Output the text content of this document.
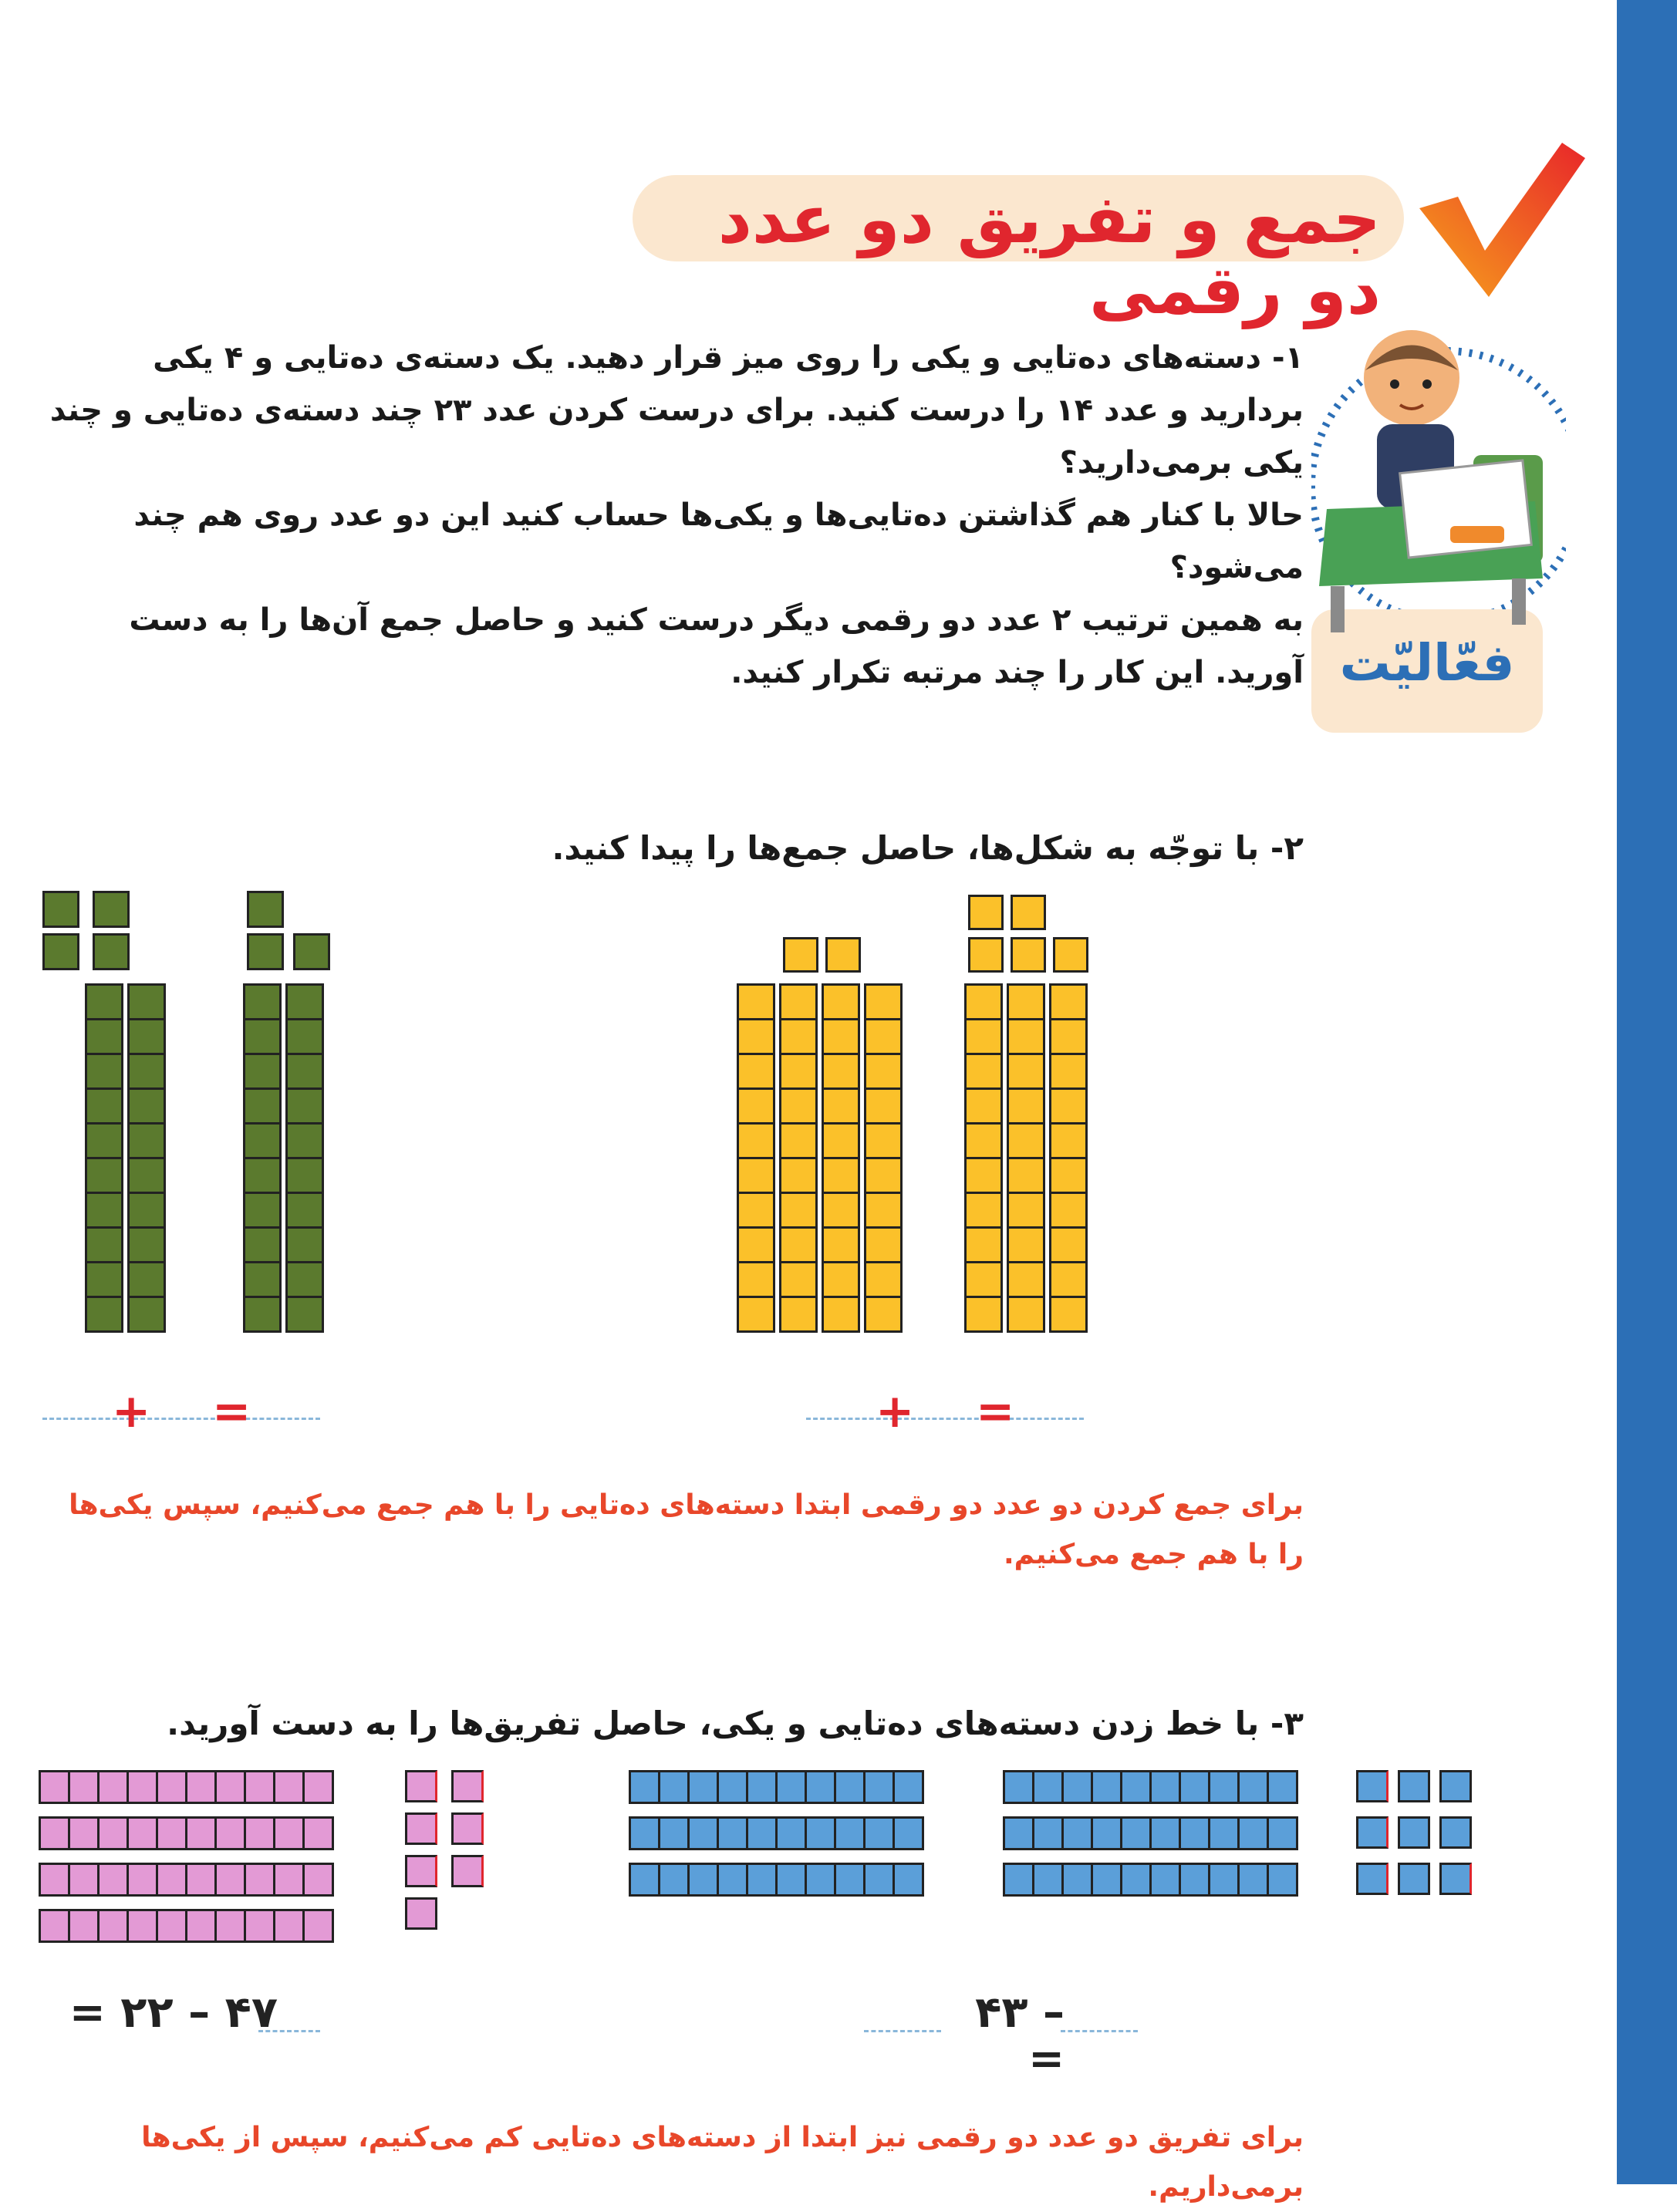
جمع و تفریق دو عدد دو رقمی
فعّالیّت
۱- دسته‌های ده‌تایی و یکی را روی میز قرار دهید. یک دسته‌ی ده‌تایی و ۴ یکی بردارید و عدد ۱۴ را درست کنید. برای درست کردن عدد ۲۳ چند دسته‌ی ده‌تایی و چند یکی برمی‌دارید؟
حالا با کنار هم گذاشتن ده‌تایی‌ها و یکی‌ها حساب کنید این دو عدد روی هم چند می‌شود؟
به همین ترتیب ۲ عدد دو رقمی دیگر درست کنید و حاصل جمع آن‌ها را به دست آورید. این کار را چند مرتبه تکرار کنید.
۲- با توجّه به شکل‌ها، حاصل جمع‌ها را پیدا کنید.
+ =	+ =
برای جمع کردن دو عدد دو رقمی ابتدا دسته‌های ده‌تایی را با هم جمع می‌کنیم، سپس یکی‌ها را با هم جمع می‌کنیم.
۳- با خط زدن دسته‌های ده‌تایی و یکی، حاصل تفریق‌ها را به دست آورید.
۴۷ – ۲۲ =	– ۴۳ =
برای تفریق دو عدد دو رقمی نیز ابتدا از دسته‌های ده‌تایی کم می‌کنیم، سپس از یکی‌ها برمی‌داریم.
